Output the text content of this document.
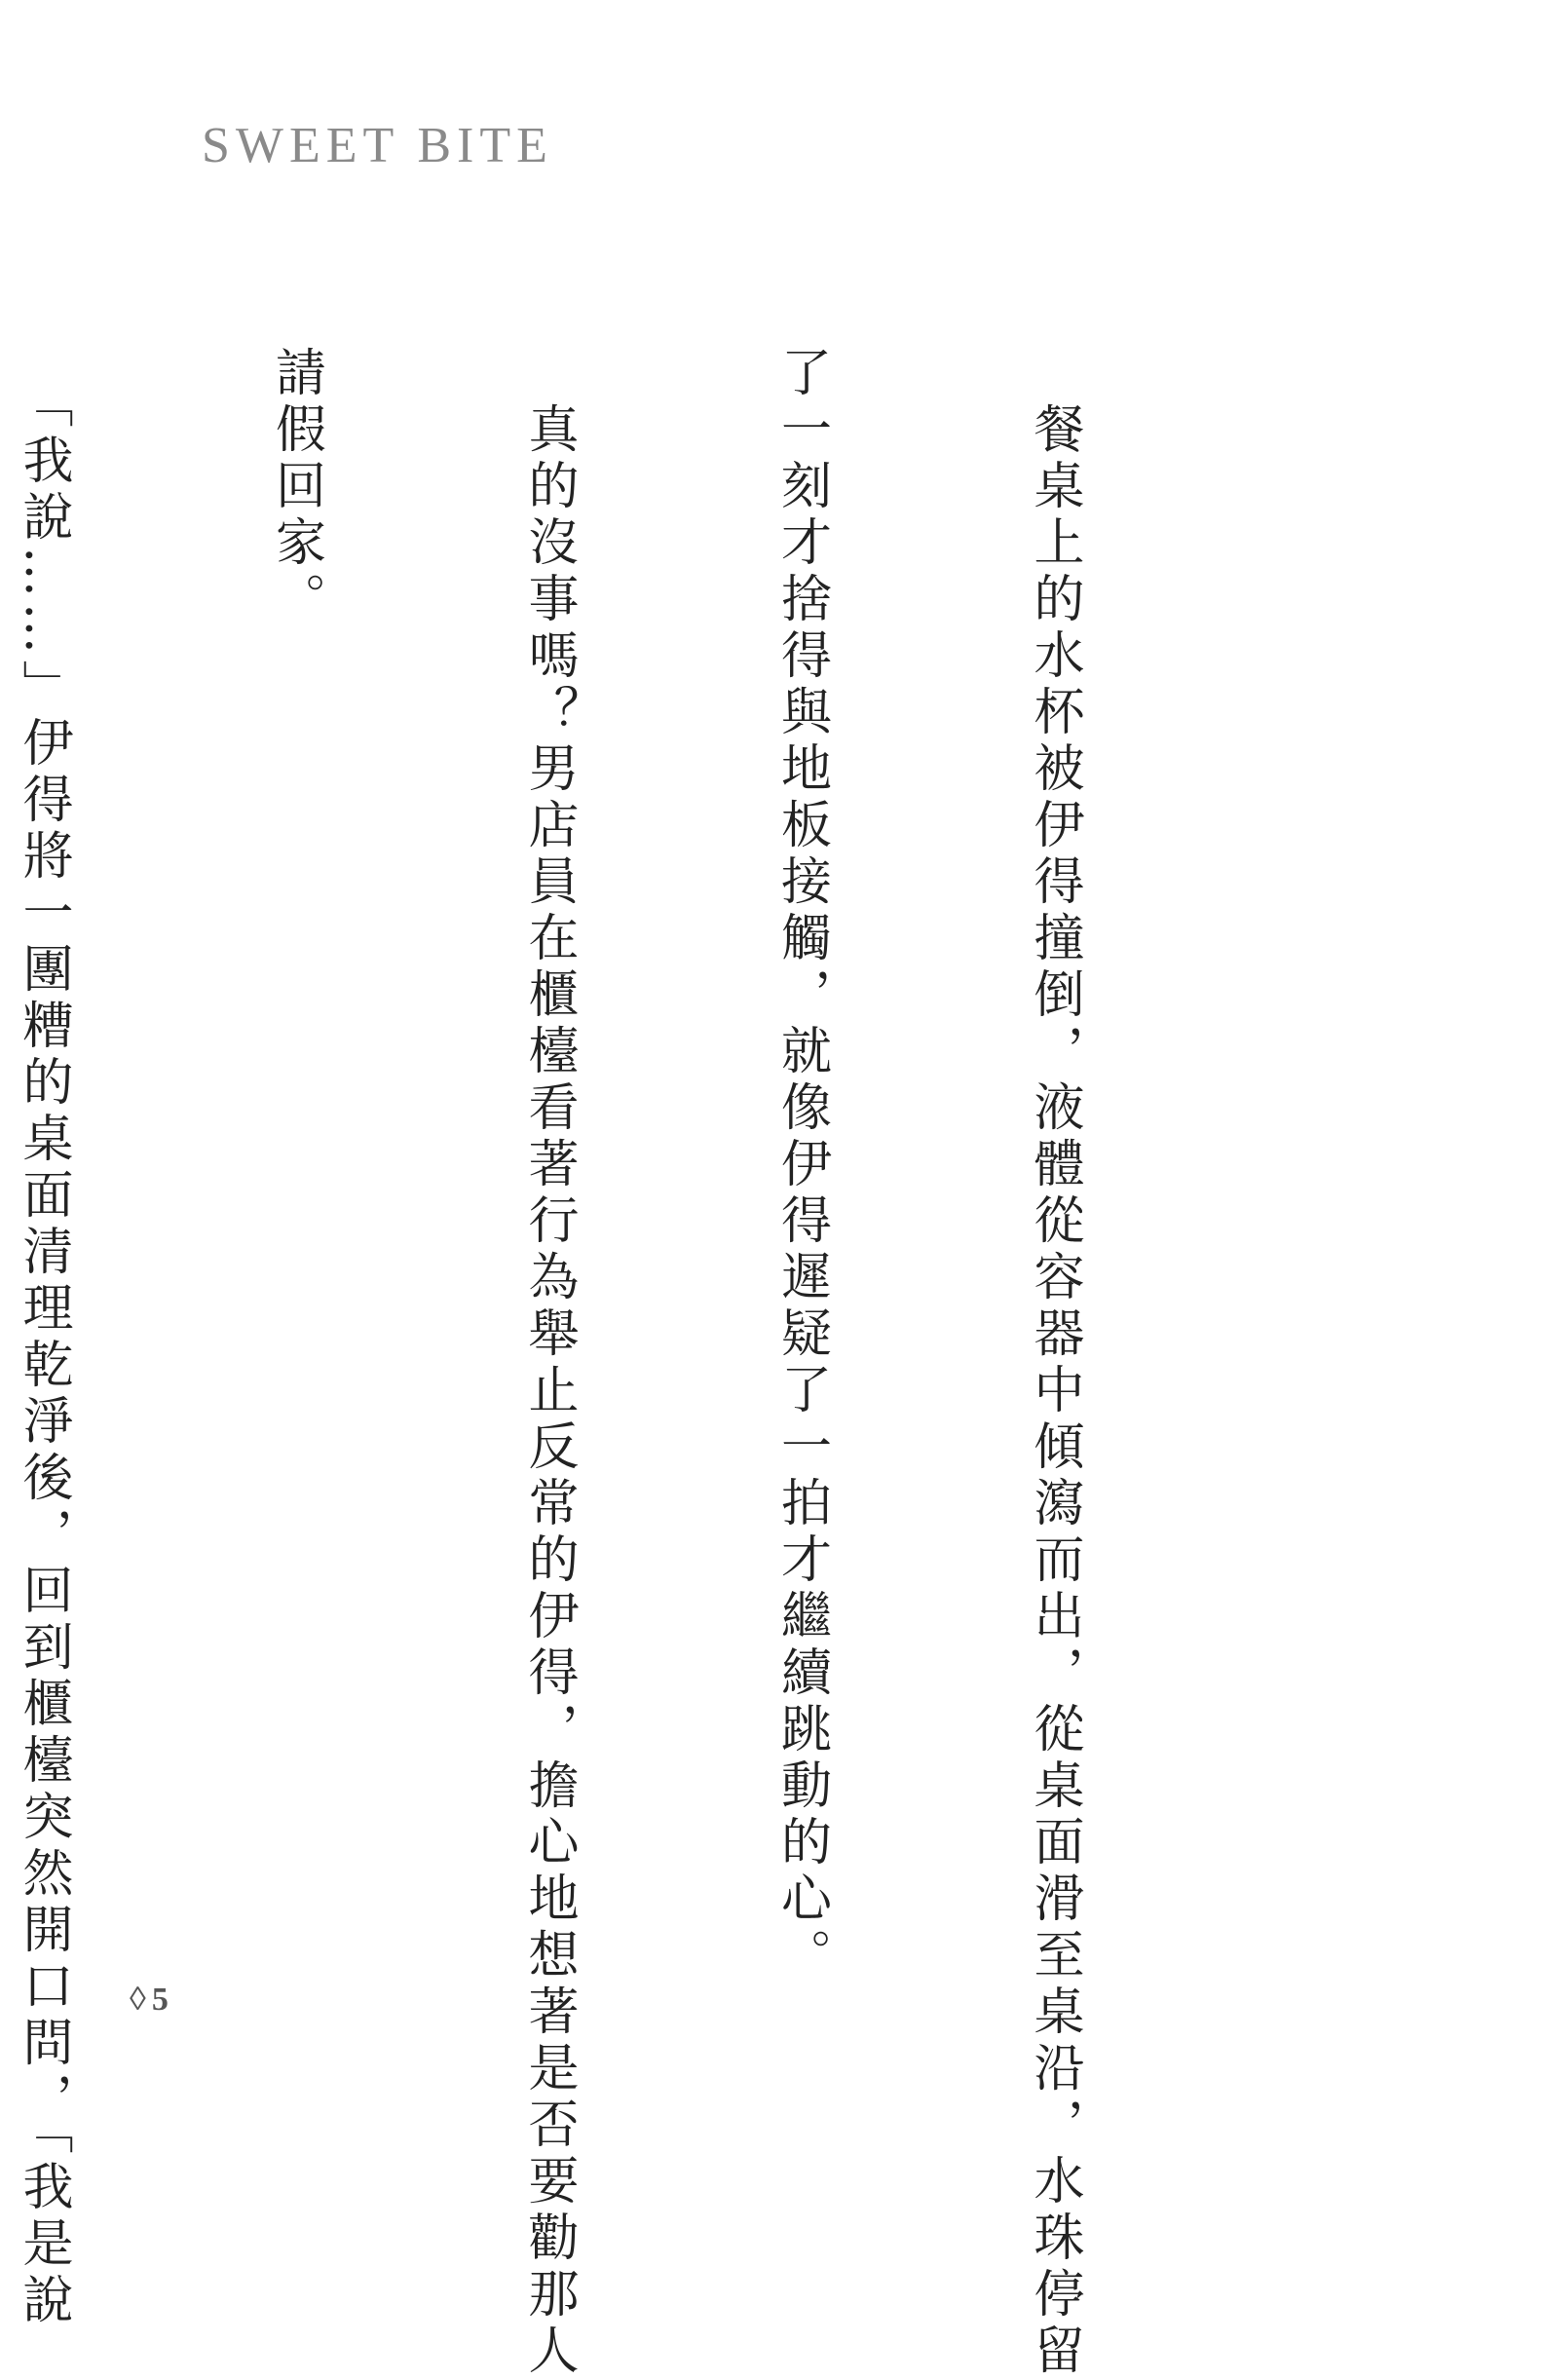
SWEET BITE

　餐桌上的水杯被伊得撞倒，液體從容器中傾瀉而出，從桌面滑至桌沿，水珠停留

了一刻才捨得與地板接觸，就像伊得遲疑了一拍才繼續跳動的心。

　真的沒事嗎？男店員在櫃檯看著行為舉止反常的伊得，擔心地想著是否要勸那人

請假回家。

　「我說……」伊得將一團糟的桌面清理乾淨後，回到櫃檯突然開口問，「我是說

	◊ 5
